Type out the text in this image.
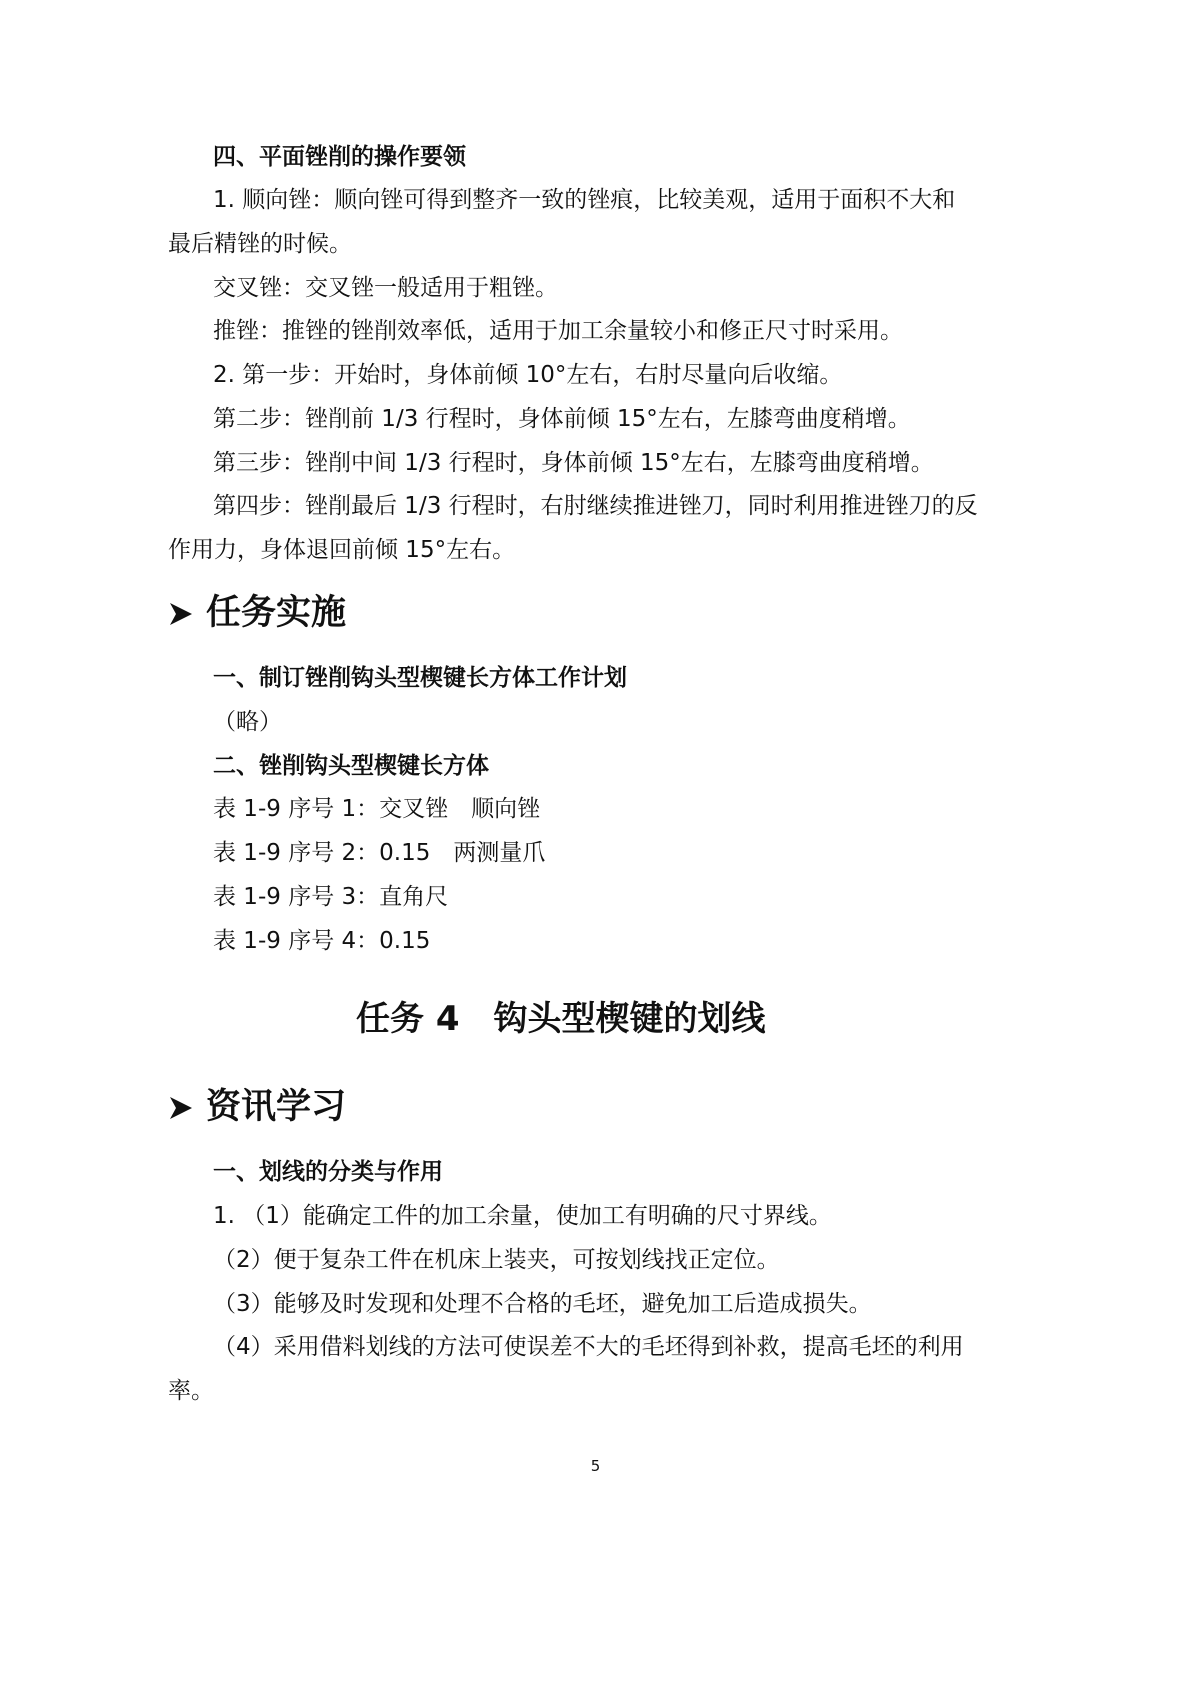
四、平面锉削的操作要领
1. 顺向锉：顺向锉可得到整齐一致的锉痕，比较美观，适用于面积不大和
最后精锉的时候。
交叉锉：交叉锉一般适用于粗锉。
推锉：推锉的锉削效率低，适用于加工余量较小和修正尺寸时采用。
2. 第一步：开始时，身体前倾 10°左右，右肘尽量向后收缩。
第二步：锉削前 1/3 行程时，身体前倾 15°左右，左膝弯曲度稍增。
第三步：锉削中间 1/3 行程时，身体前倾 15°左右，左膝弯曲度稍增。
第四步：锉削最后 1/3 行程时，右肘继续推进锉刀，同时利用推进锉刀的反
作用力，身体退回前倾 15°左右。
任务实施
一、制订锉削钩头型楔键长方体工作计划
（略）
二、锉削钩头型楔键长方体
表 1-9 序号 1：交叉锉　顺向锉
表 1-9 序号 2：0.15　两测量爪
表 1-9 序号 3：直角尺
表 1-9 序号 4：0.15
任务 4　钩头型楔键的划线
资讯学习
一、划线的分类与作用
1. （1）能确定工件的加工余量，使加工有明确的尺寸界线。
（2）便于复杂工件在机床上装夹，可按划线找正定位。
（3）能够及时发现和处理不合格的毛坯，避免加工后造成损失。
（4）采用借料划线的方法可使误差不大的毛坯得到补救，提高毛坯的利用
率。
5
